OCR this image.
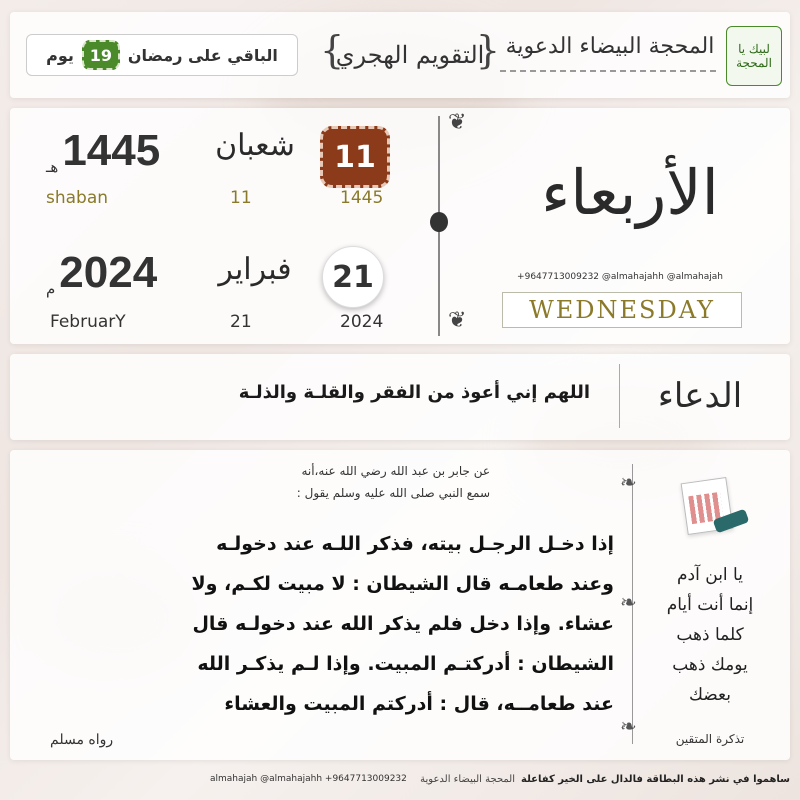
لبيك يا المحجة
المحجة البيضاء الدعوية
{
التقويم الهجري
}
الباقي على رمضان
19
يوم
الأربعاء
+9647713009232 @almahajahh @almahajah
WEDNESDAY
❦
❦
11
شعبان
هـ 1445
shaban	11	1445
21
فبراير
م 2024
FebruarY	21	2024
الدعاء
اللهم إني أعوذ من الفقر والقلـة والذلـة
يا ابن آدم
إنما أنت أيام
كلما ذهب
يومك ذهب
بعضك
تذكرة المتقين
❧
❧
❧
عن جابر بن عبد الله رضي الله عنه،أنه
سمع النبي صلى الله عليه وسلم يقول :
إذا دخـل الرجـل بيته، فذكر اللـه عند دخولـه
وعند طعامـه قال الشيطان : لا مبيت لكـم، ولا
عشاء. وإذا دخل فلم يذكر الله عند دخولـه قال
الشيطان : أدركتـم المبيت. وإذا لـم يذكـر الله
عند طعامــه، قال : أدركتم المبيت والعشاء
رواه مسلم
almahajah @almahajahh +9647713009232	ساهموا في نشر هذه البطاقة فالدال على الخير كفاعلة
المحجة البيضاء الدعوية
